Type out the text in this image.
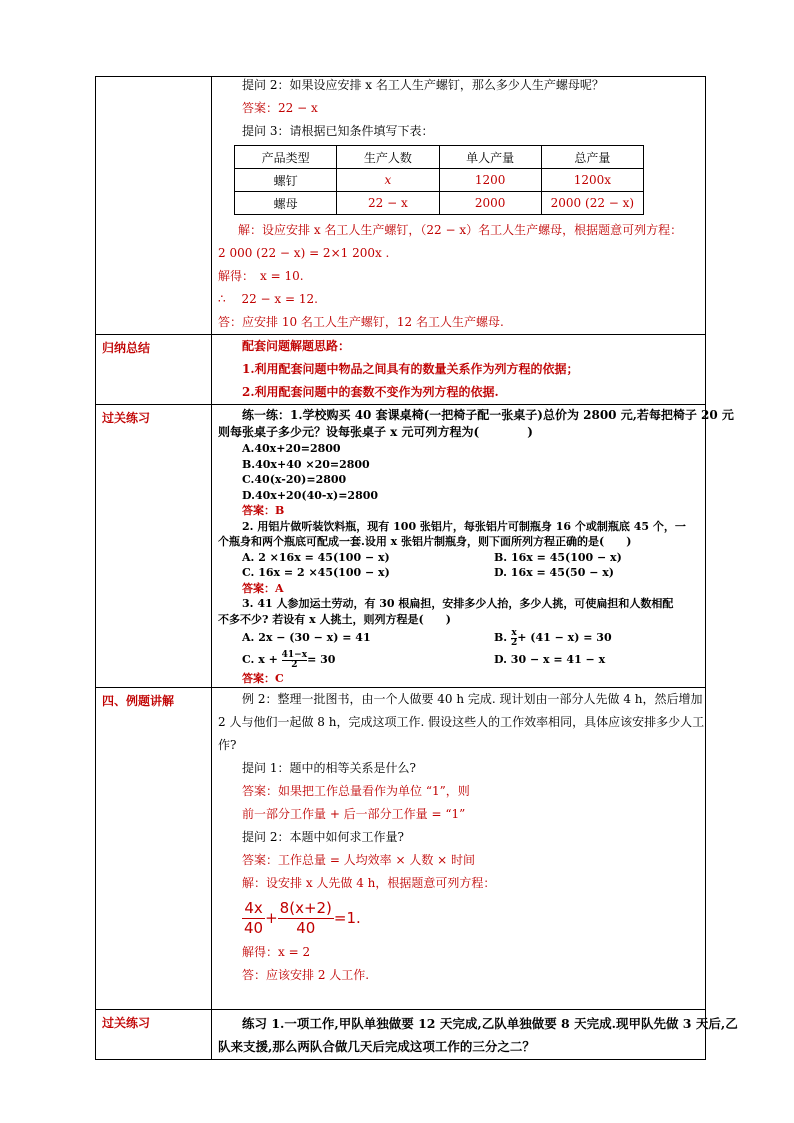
提问 2：如果设应安排 x 名工人生产螺钉，那么多少人生产螺母呢？
答案：22 − x
提问 3：请根据已知条件填写下表：
产品类型	生产人数	单人产量	总产量
螺钉	x	1200	1200x
螺母	22 − x	2000	2000 (22 − x)
解：设应安排 x 名工人生产螺钉，（22 − x）名工人生产螺母，根据题意可列方程：
2 000 (22 − x) = 2×1 200x .
解得：　x = 10.
∴　 22 − x = 12.
答：应安排 10 名工人生产螺钉，12 名工人生产螺母.

归纳总结	配套问题解题思路：
1.利用配套问题中物品之间具有的数量关系作为列方程的依据；
2.利用配套问题中的套数不变作为列方程的依据.

过关练习	练一练：1.学校购买 40 套课桌椅(一把椅子配一张桌子)总价为 2800 元,若每把椅子 20 元
则每张桌子多少元？设每张桌子 x 元可列方程为(　　　　)
A.40x+20=2800
B.40x+40 ×20=2800
C.40(x-20)=2800
D.40x+20(40-x)=2800
答案：B
2. 用铝片做听装饮料瓶，现有 100 张铝片，每张铝片可制瓶身 16 个或制瓶底 45 个，一
个瓶身和两个瓶底可配成一套.设用 x 张铝片制瓶身，则下面所列方程正确的是(　　)
A. 2 ×16x = 45(100 − x)	B. 16x = 45(100 − x)
C. 16x = 2 ×45(100 − x)	D. 16x = 45(50 − x)
答案：A
3. 41 人参加运土劳动，有 30 根扁担，安排多少人抬，多少人挑，可使扁担和人数相配
不多不少? 若设有 x 人挑土，则列方程是(　　)
A. 2x − (30 − x) = 41	B. $\frac{x}{2} + (41 - x) = 30$
C. $x + \frac{41-x}{2} = 30$	D. 30 − x = 41 − x
答案：C

四、例题讲解	例 2：整理一批图书，由一个人做要 40 h 完成. 现计划由一部分人先做 4 h，然后增加
2 人与他们一起做 8 h，完成这项工作. 假设这些人的工作效率相同，具体应该安排多少人工
作?
提问 1：题中的相等关系是什么?
答案：如果把工作总量看作为单位 “1”，则
前一部分工作量 + 后一部分工作量 = “1”
提问 2：本题中如何求工作量?
答案：工作总量 = 人均效率 × 人数 × 时间
解：设安排 x 人先做 4 h，根据题意可列方程：
$\frac{4x}{40} + \frac{8(x+2)}{40} =1$.
解得：x = 2
答：应该安排 2 人工作.

过关练习	练习 1.一项工作,甲队单独做要 12 天完成,乙队单独做要 8 天完成.现甲队先做 3 天后,乙
队来支援,那么两队合做几天后完成这项工作的三分之二？
